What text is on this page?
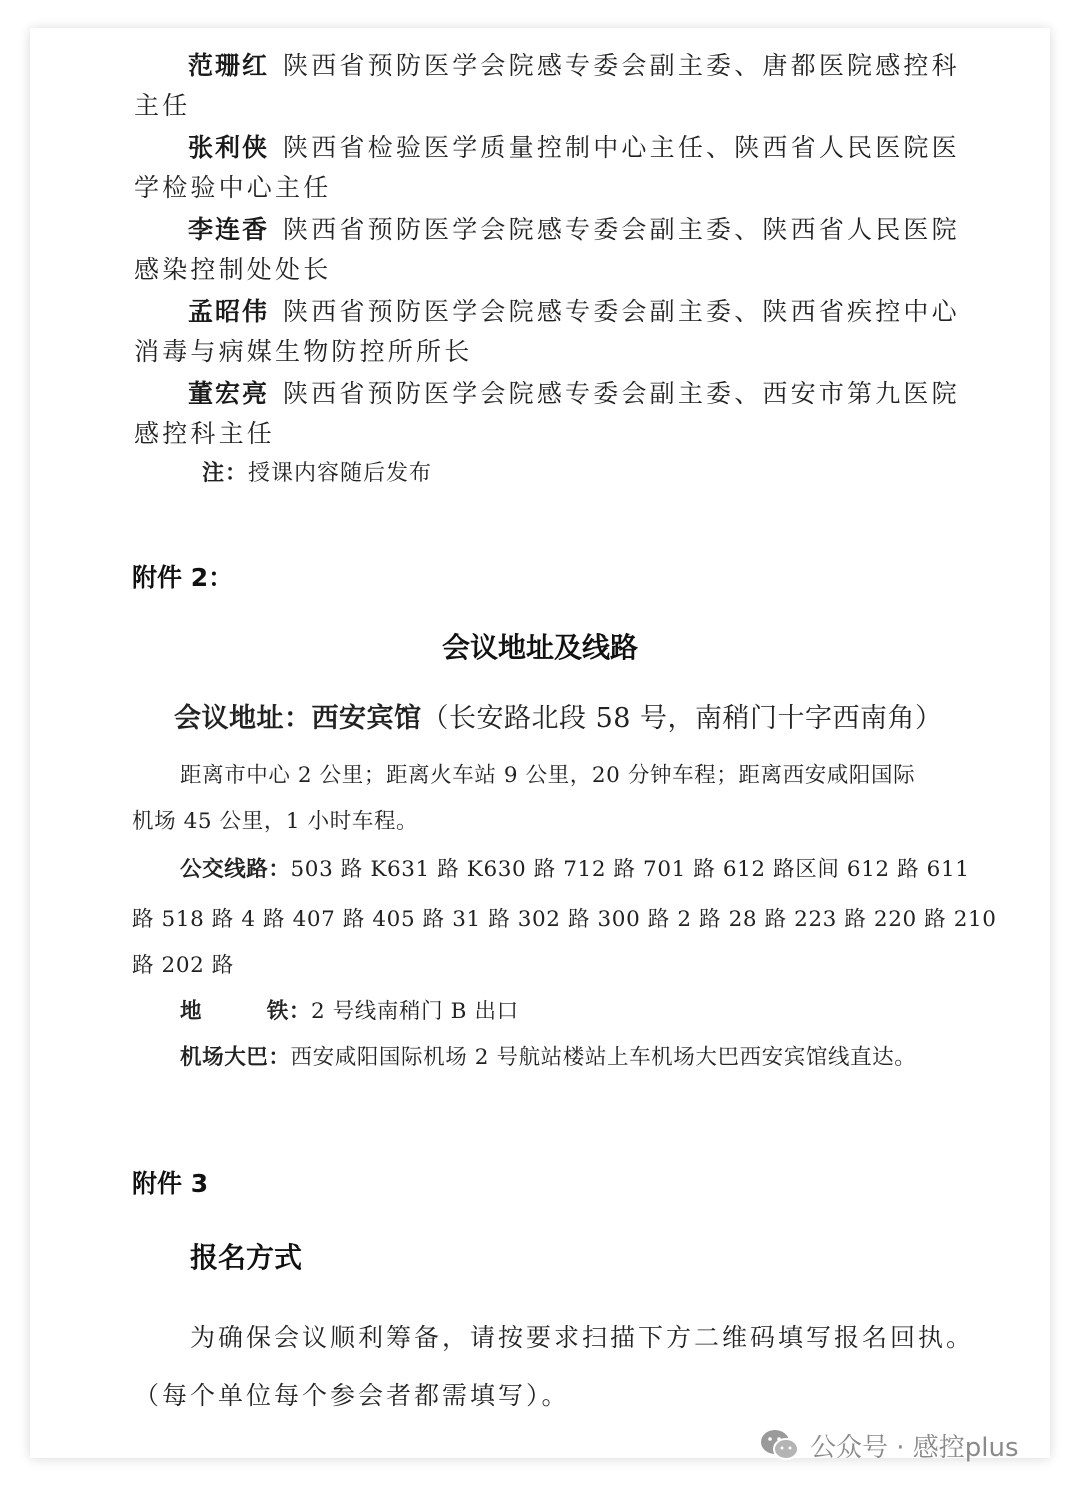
范珊红 陕西省预防医学会院感专委会副主委、唐都医院感控科
主任
张利侠 陕西省检验医学质量控制中心主任、陕西省人民医院医
学检验中心主任
李连香 陕西省预防医学会院感专委会副主委、陕西省人民医院
感染控制处处长
孟昭伟 陕西省预防医学会院感专委会副主委、陕西省疾控中心
消毒与病媒生物防控所所长
董宏亮 陕西省预防医学会院感专委会副主委、西安市第九医院
感控科主任
注：授课内容随后发布
附件 2：
会议地址及线路
会议地址：西安宾馆（长安路北段 58 号，南稍门十字西南角）
距离市中心 2 公里；距离火车站 9 公里，20 分钟车程；距离西安咸阳国际
机场 45 公里，1 小时车程。
公交线路：503 路 K631 路 K630 路 712 路 701 路 612 路区间 612 路 611
路 518 路 4 路 407 路 405 路 31 路 302 路 300 路 2 路 28 路 223 路 220 路 210
路 202 路
地        铁：2 号线南稍门 B 出口
机场大巴：西安咸阳国际机场 2 号航站楼站上车机场大巴西安宾馆线直达。
附件 3
报名方式
为确保会议顺利筹备，请按要求扫描下方二维码填写报名回执。
（每个单位每个参会者都需填写）。
公众号 · 感控plus
